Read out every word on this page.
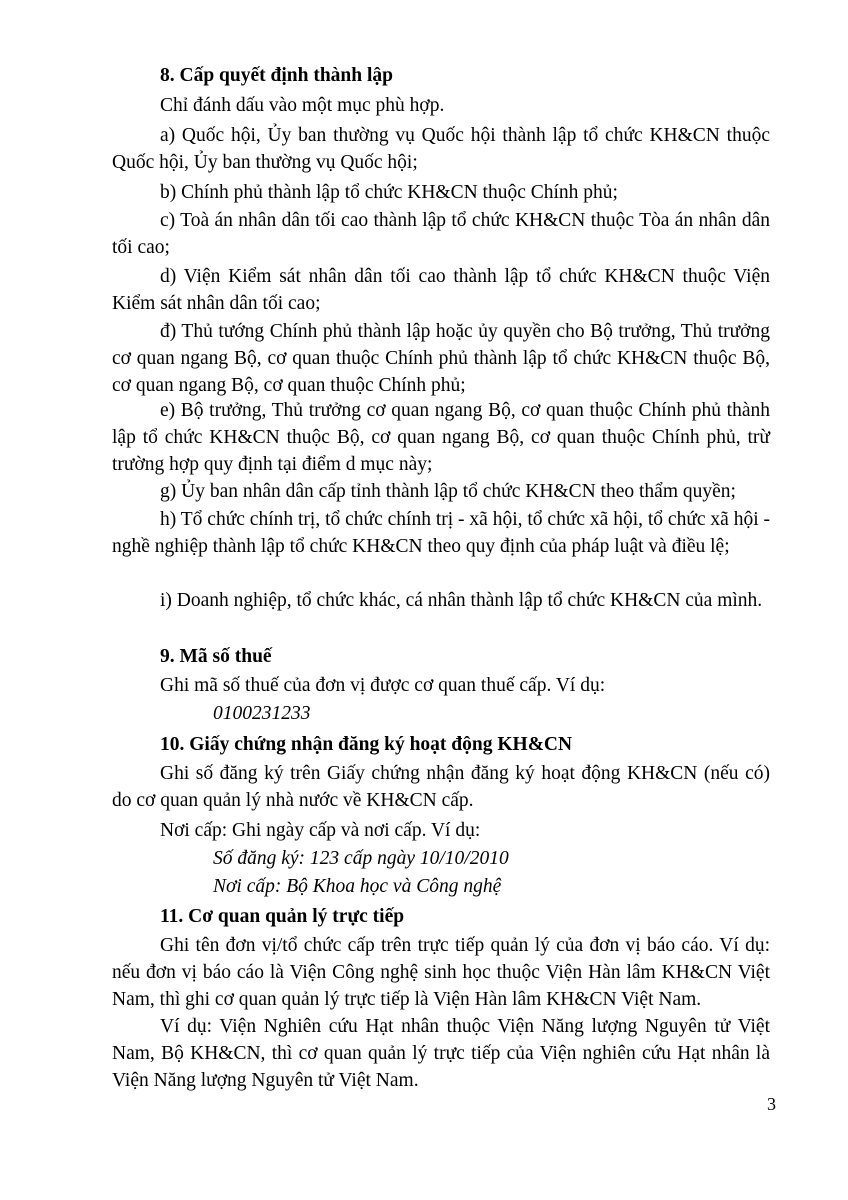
8. Cấp quyết định thành lập

Chỉ đánh dấu vào một mục phù hợp.

a) Quốc hội, Ủy ban thường vụ Quốc hội thành lập tổ chức KH&CN thuộc Quốc hội, Ủy ban thường vụ Quốc hội;

b) Chính phủ thành lập tổ chức KH&CN thuộc Chính phủ;

c) Toà án nhân dân tối cao thành lập tổ chức KH&CN thuộc Tòa án nhân dân tối cao;

d) Viện Kiểm sát nhân dân tối cao thành lập tổ chức KH&CN thuộc Viện Kiểm sát nhân dân tối cao;

đ) Thủ tướng Chính phủ thành lập hoặc ủy quyền cho Bộ trưởng, Thủ trưởng cơ quan ngang Bộ, cơ quan thuộc Chính phủ thành lập tổ chức KH&CN thuộc Bộ, cơ quan ngang Bộ, cơ quan thuộc Chính phủ;

e) Bộ trưởng, Thủ trưởng cơ quan ngang Bộ, cơ quan thuộc Chính phủ thành lập tổ chức KH&CN thuộc Bộ, cơ quan ngang Bộ, cơ quan thuộc Chính phủ, trừ trường hợp quy định tại điểm d mục này;

g) Ủy ban nhân dân cấp tỉnh thành lập tổ chức KH&CN theo thẩm quyền;

h) Tổ chức chính trị, tổ chức chính trị - xã hội, tổ chức xã hội, tổ chức xã hội - nghề nghiệp thành lập tổ chức KH&CN theo quy định của pháp luật và điều lệ;

i) Doanh nghiệp, tổ chức khác, cá nhân thành lập tổ chức KH&CN của mình.

9. Mã số thuế

Ghi mã số thuế của đơn vị được cơ quan thuế cấp. Ví dụ:

0100231233

10. Giấy chứng nhận đăng ký hoạt động KH&CN

Ghi số đăng ký trên Giấy chứng nhận đăng ký hoạt động KH&CN (nếu có) do cơ quan quản lý nhà nước về KH&CN cấp.

Nơi cấp: Ghi ngày cấp và nơi cấp. Ví dụ:

Số đăng ký: 123 cấp ngày 10/10/2010

Nơi cấp: Bộ Khoa học và Công nghệ

11. Cơ quan quản lý trực tiếp

Ghi tên đơn vị/tổ chức cấp trên trực tiếp quản lý của đơn vị báo cáo. Ví dụ: nếu đơn vị báo cáo là Viện Công nghệ sinh học thuộc Viện Hàn lâm KH&CN Việt Nam, thì ghi cơ quan quản lý trực tiếp là Viện Hàn lâm KH&CN Việt Nam.

Ví dụ: Viện Nghiên cứu Hạt nhân thuộc Viện Năng lượng Nguyên tử Việt Nam, Bộ KH&CN, thì cơ quan quản lý trực tiếp của Viện nghiên cứu Hạt nhân là Viện Năng lượng Nguyên tử Việt Nam.

3
